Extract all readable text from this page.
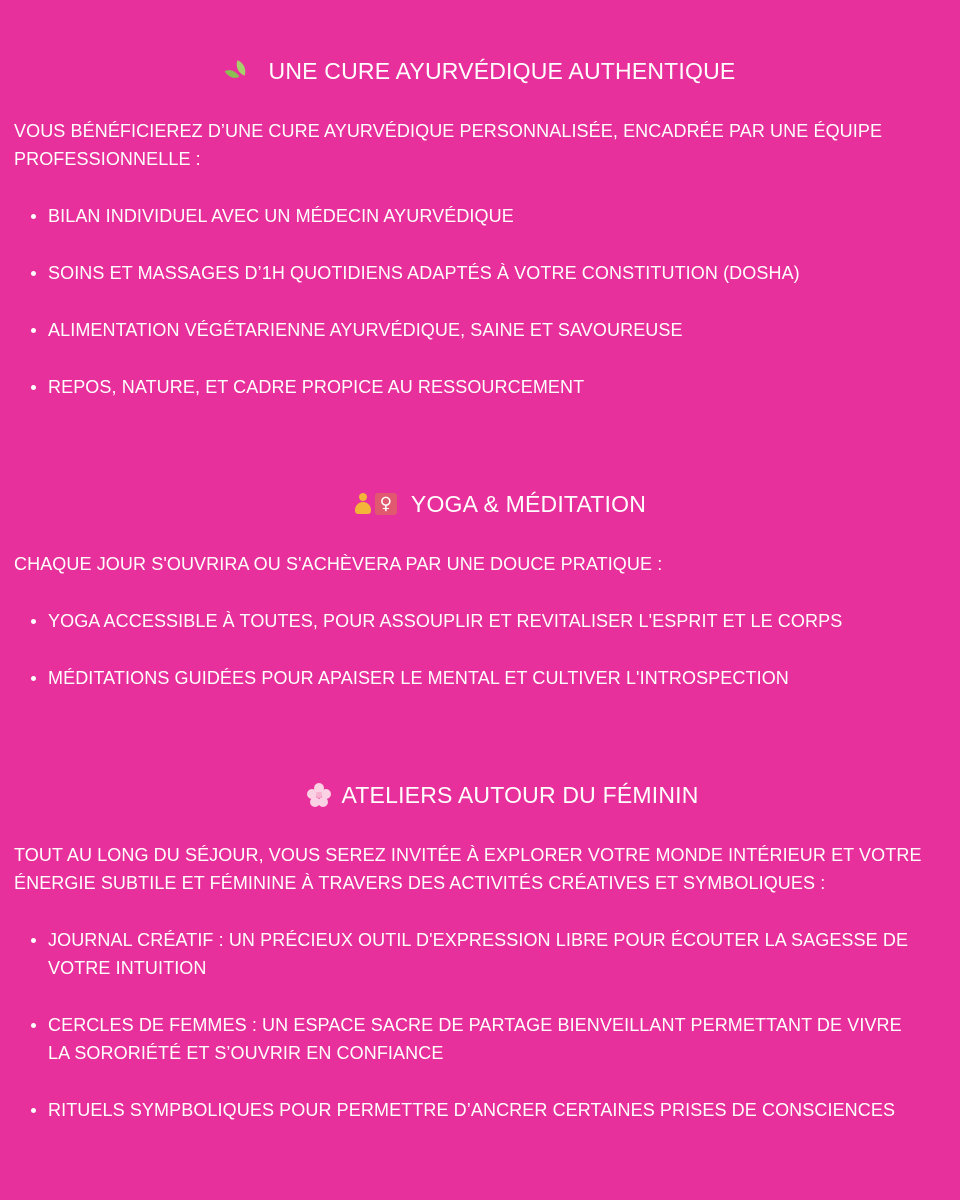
UNE CURE AYURVÉDIQUE AUTHENTIQUE
VOUS BÉNÉFICIEREZ D’UNE CURE AYURVÉDIQUE PERSONNALISÉE, ENCADRÉE PAR UNE ÉQUIPE PROFESSIONNELLE :
BILAN INDIVIDUEL AVEC UN MÉDECIN AYURVÉDIQUE
SOINS ET MASSAGES D’1H QUOTIDIENS ADAPTÉS À VOTRE CONSTITUTION (DOSHA)
ALIMENTATION VÉGÉTARIENNE AYURVÉDIQUE, SAINE ET SAVOUREUSE
REPOS, NATURE, ET CADRE PROPICE AU RESSOURCEMENT
♀ YOGA & MÉDITATION
CHAQUE JOUR S'OUVRIRA OU S'ACHÈVERA PAR UNE DOUCE PRATIQUE :
YOGA ACCESSIBLE À TOUTES, POUR ASSOUPLIR ET REVITALISER L'ESPRIT ET LE CORPS
MÉDITATIONS GUIDÉES POUR APAISER LE MENTAL ET CULTIVER L'INTROSPECTION
ATELIERS AUTOUR DU FÉMININ
TOUT AU LONG DU SÉJOUR, VOUS SEREZ INVITÉE À EXPLORER VOTRE MONDE INTÉRIEUR ET VOTRE ÉNERGIE SUBTILE ET FÉMININE À TRAVERS DES ACTIVITÉS CRÉATIVES ET SYMBOLIQUES :
JOURNAL CRÉATIF : UN PRÉCIEUX OUTIL D'EXPRESSION LIBRE POUR ÉCOUTER LA SAGESSE DE VOTRE INTUITION
CERCLES DE FEMMES : UN ESPACE SACRE DE PARTAGE BIENVEILLANT PERMETTANT DE VIVRE LA SORORIÉTÉ ET S’OUVRIR EN CONFIANCE
RITUELS SYMPBOLIQUES POUR PERMETTRE D’ANCRER CERTAINES PRISES DE CONSCIENCES
